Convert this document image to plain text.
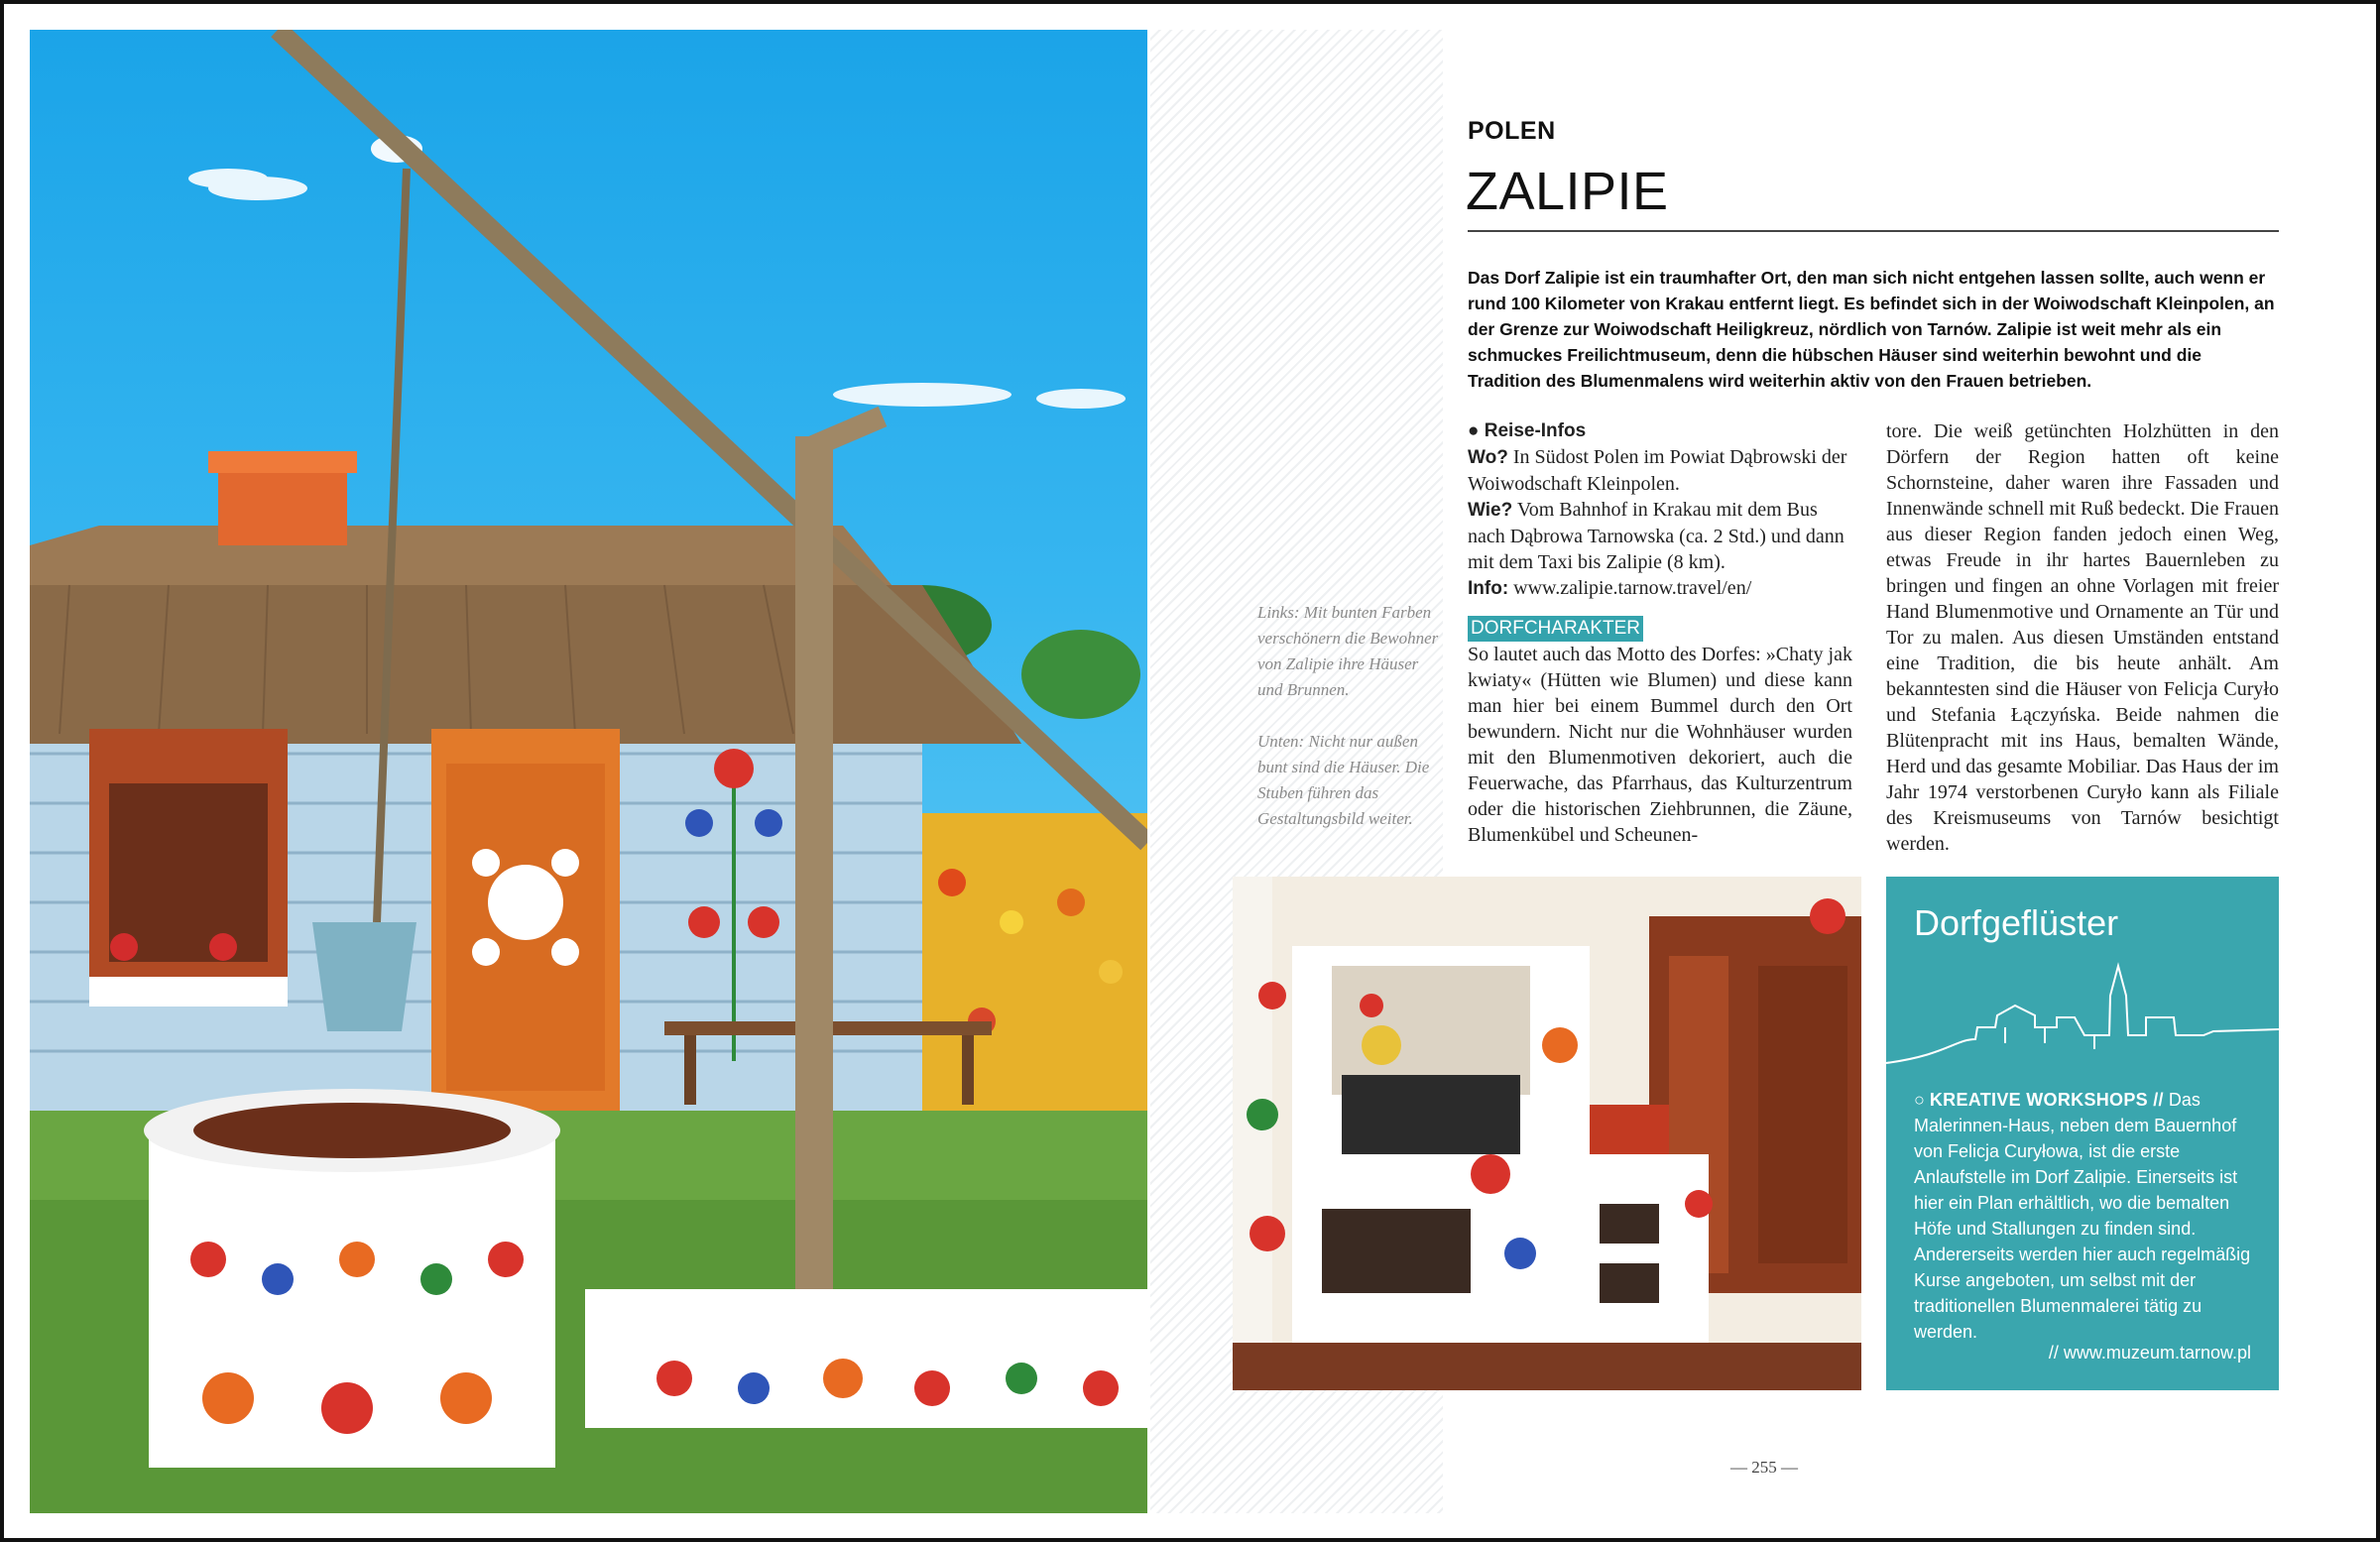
POLEN
ZALIPIE
Das Dorf Zalipie ist ein traumhafter Ort, den man sich nicht entgehen lassen sollte, auch wenn er rund 100 Kilometer von Krakau entfernt liegt. Es befindet sich in der Woiwodschaft Kleinpolen, an der Grenze zur Woiwodschaft Heiligkreuz, nördlich von Tarnów. Zalipie ist weit mehr als ein schmuckes Freilichtmuseum, denn die hübschen Häuser sind weiterhin bewohnt und die Tradition des Blumenmalens wird weiterhin aktiv von den Frauen betrieben.
● Reise-Infos
Wo? In Südost Polen im Powiat Dąbrowski der Woiwodschaft Kleinpolen.
Wie? Vom Bahnhof in Krakau mit dem Bus nach Dąbrowa Tarnowska (ca. 2 Std.) und dann mit dem Taxi bis Zalipie (8 km).
Info: www.zalipie.tarnow.travel/en/
DORFCHARAKTER
So lautet auch das Motto des Dorfes: »Chaty jak kwiaty« (Hütten wie Blumen) und diese kann man hier bei einem Bummel durch den Ort bewundern. Nicht nur die Wohnhäuser wurden mit den Blumenmotiven dekoriert, auch die Feuerwache, das Pfarrhaus, das Kulturzentrum oder die historischen Ziehbrunnen, die Zäune, Blumenkübel und Scheunen-
tore. Die weiß getünchten Holzhütten in den Dörfern der Region hatten oft keine Schornsteine, daher waren ihre Fassaden und Innenwände schnell mit Ruß bedeckt. Die Frauen aus dieser Region fanden jedoch einen Weg, etwas Freude in ihr hartes Bauernleben zu bringen und fingen an ohne Vorlagen mit freier Hand Blumenmotive und Ornamente an Tür und Tor zu malen. Aus diesen Umständen entstand eine Tradition, die bis heute anhält. Am bekanntesten sind die Häuser von Felicja Curyło und Stefania Łączyńska. Beide nahmen die Blütenpracht mit ins Haus, bemalten Wände, Herd und das gesamte Mobiliar. Das Haus der im Jahr 1974 verstorbenen Curyło kann als Filiale des Kreismuseums von Tarnów besichtigt werden.
Links: Mit bunten Farben verschönern die Bewohner von Zalipie ihre Häuser und Brunnen.
Unten: Nicht nur außen bunt sind die Häuser. Die Stuben führen das Gestaltungsbild weiter.
Dorfgeflüster
○ KREATIVE WORKSHOPS // Das Malerinnen-Haus, neben dem Bauernhof von Felicja Curyłowa, ist die erste Anlaufstelle im Dorf Zalipie. Einerseits ist hier ein Plan erhältlich, wo die bemalten Höfe und Stallungen zu finden sind. Andererseits werden hier auch regelmäßig Kurse angeboten, um selbst mit der traditionellen Blumenmalerei tätig zu werden.
// www.muzeum.tarnow.pl
— 255 —
